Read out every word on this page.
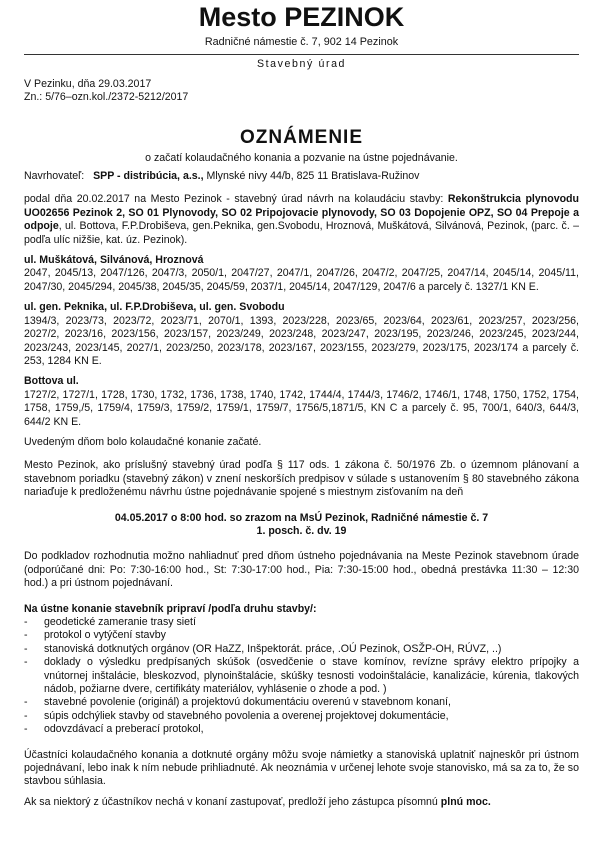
Mesto PEZINOK
Radničné námestie č. 7, 902 14 Pezinok
Stavebný úrad
V Pezinku, dňa 29.03.2017
Zn.: 5/76–ozn.kol./2372-5212/2017
OZNÁMENIE
o začatí kolaudačného konania a pozvanie na ústne pojednávanie.

Navrhovateľ: SPP - distribúcia, a.s., Mlynské nivy 44/b, 825 11 Bratislava-Ružinov

podal dňa 20.02.2017 na Mesto Pezinok - stavebný úrad návrh na kolaudáciu stavby: Rekonštrukcia plynovodu UO02656 Pezinok 2, SO 01 Plynovody, SO 02 Pripojovacie plynovody, SO 03 Dopojenie OPZ, SO 04 Prepoje a odpoje, ul. Bottova, F.P.Drobiševa, gen.Peknika, gen.Svobodu, Hroznová, Muškátová, Silvánová, Pezinok, (parc. č. – podľa ulíc nižšie, kat. úz. Pezinok).

ul. Muškátová, Silvánová, Hroznová

2047, 2045/13, 2047/126, 2047/3, 2050/1, 2047/27, 2047/1, 2047/26, 2047/2, 2047/25, 2047/14, 2045/14, 2045/11, 2047/30, 2045/294, 2045/38, 2045/35, 2045/59, 2037/1, 2045/14, 2047/129, 2047/6 a parcely č. 1327/1 KN E.

ul. gen. Peknika, ul. F.P.Drobiševa, ul. gen. Svobodu

1394/3, 2023/73, 2023/72, 2023/71, 2070/1, 1393, 2023/228, 2023/65, 2023/64, 2023/61, 2023/257, 2023/256, 2027/2, 2023/16, 2023/156, 2023/157, 2023/249, 2023/248, 2023/247, 2023/195, 2023/246, 2023/245, 2023/244, 2023/243, 2023/145, 2027/1, 2023/250, 2023/178, 2023/167, 2023/155, 2023/279, 2023/175, 2023/174 a parcely č. 253, 1284 KN E.

Bottova ul.

1727/2, 1727/1, 1728, 1730, 1732, 1736, 1738, 1740, 1742, 1744/4, 1744/3, 1746/2, 1746/1, 1748, 1750, 1752, 1754, 1758, 1759,/5, 1759/4, 1759/3, 1759/2, 1759/1, 1759/7, 1756/5,1871/5, KN C a parcely č. 95, 700/1, 640/3, 644/3, 644/2 KN E.

Uvedeným dňom bolo kolaudačné konanie začaté.

Mesto Pezinok, ako príslušný stavebný úrad podľa § 117 ods. 1 zákona č. 50/1976 Zb. o územnom plánovaní a stavebnom poriadku (stavebný zákon) v znení neskorších predpisov v súlade s ustanovením § 80 stavebného zákona nariaďuje k predloženému návrhu ústne pojednávanie spojené s miestnym zisťovaním na deň

04.05.2017 o 8:00 hod. so zrazom na MsÚ Pezinok, Radničné námestie č. 7
1. posch. č. dv. 19

Do podkladov rozhodnutia možno nahliadnuť pred dňom ústneho pojednávania na Meste Pezinok stavebnom úrade (odporúčané dni: Po: 7:30-16:00 hod., St: 7:30-17:00 hod., Pia: 7:30-15:00 hod., obedná prestávka 11:30 – 12:30 hod.) a pri ústnom pojednávaní.

Na ústne konanie stavebník pripraví /podľa druhu stavby/:
- geodetické zameranie trasy sietí
- protokol o vytýčení stavby
- stanoviská dotknutých orgánov (OR HaZZ, Inšpektorát. práce, .OÚ Pezinok, OSŽP-OH, RÚVZ, ..)
- doklady o výsledku predpísaných skúšok (osvedčenie o stave komínov, revízne správy elektro prípojky a vnútornej inštalácie, bleskozvod, plynoinštalácie, skúšky tesnosti vodoinštalácie, kanalizácie, kúrenia, tlakových nádob, požiarne dvere, certifikáty materiálov, vyhlásenie o zhode a pod. )
- stavebné povolenie (originál) a projektovú dokumentáciu overenú v stavebnom konaní,
- súpis odchýliek stavby od stavebného povolenia a overenej projektovej dokumentácie,
- odovzdávací a preberací protokol,

Účastníci kolaudačného konania a dotknuté orgány môžu svoje námietky a stanoviská uplatniť najneskôr pri ústnom pojednávaní, lebo inak k ním nebude prihliadnuté. Ak neoznámia v určenej lehote svoje stanovisko, má sa za to, že so stavbou súhlasia.

Ak sa niektorý z účastníkov nechá v konaní zastupovať, predloží jeho zástupca písomnú plnú moc.
